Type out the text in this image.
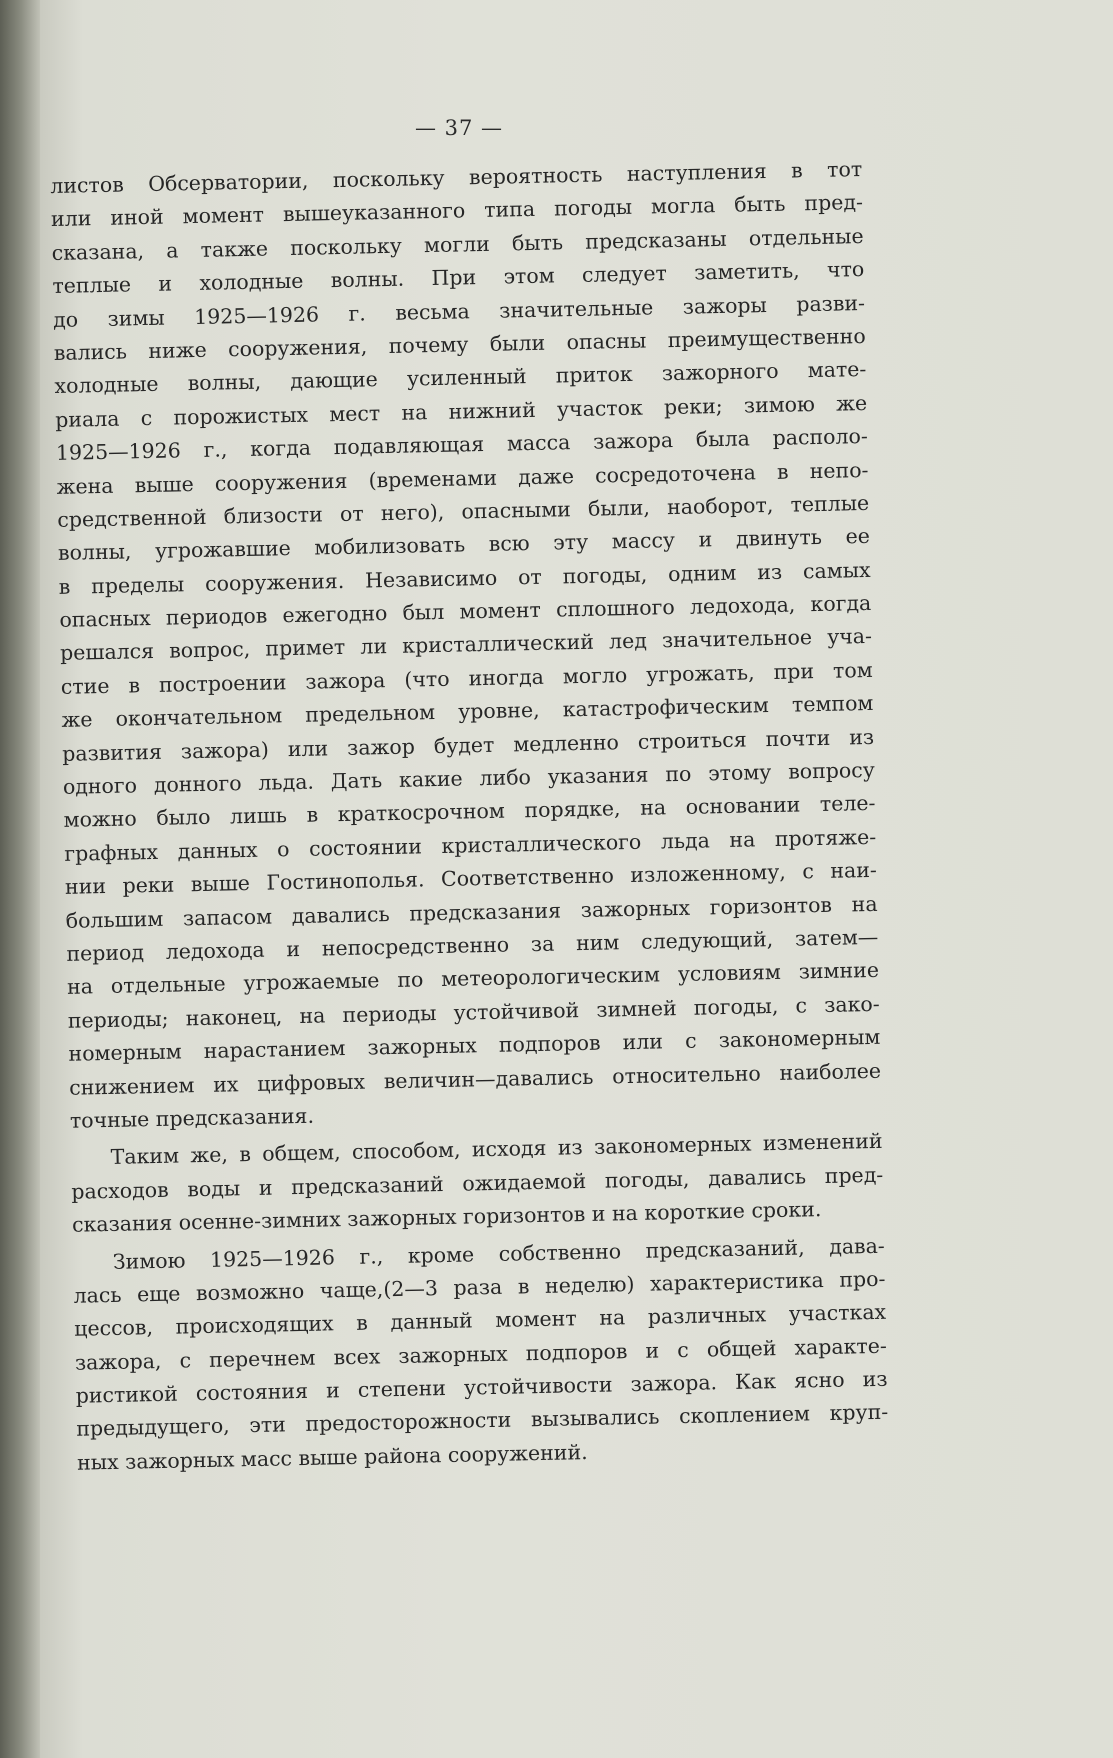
— 37 —
листов Обсерватории, поскольку вероятность наступления в тот
или иной момент вышеуказанного типа погоды могла быть пред-
сказана, а также поскольку могли быть предсказаны отдельные
теплые и холодные волны. При этом следует заметить, что
до зимы 1925—1926 г. весьма значительные зажоры разви-
вались ниже сооружения, почему были опасны преимущественно
холодные волны, дающие усиленный приток зажорного мате-
риала с порожистых мест на нижний участок реки; зимою же
1925—1926 г., когда подавляющая масса зажора была располо-
жена выше сооружения (временами даже сосредоточена в непо-
средственной близости от него), опасными были, наоборот, теплые
волны, угрожавшие мобилизовать всю эту массу и двинуть ее
в пределы сооружения. Независимо от погоды, одним из самых
опасных периодов ежегодно был момент сплошного ледохода, когда
решался вопрос, примет ли кристаллический лед значительное уча-
стие в построении зажора (что иногда могло угрожать, при том
же окончательном предельном уровне, катастрофическим темпом
развития зажора) или зажор будет медленно строиться почти из
одного донного льда. Дать какие либо указания по этому вопросу
можно было лишь в краткосрочном порядке, на основании теле-
графных данных о состоянии кристаллического льда на протяже-
нии реки выше Гостинополья. Соответственно изложенному, с наи-
большим запасом давались предсказания зажорных горизонтов на
период ледохода и непосредственно за ним следующий, затем—
на отдельные угрожаемые по метеорологическим условиям зимние
периоды; наконец, на периоды устойчивой зимней погоды, с зако-
номерным нарастанием зажорных подпоров или с закономерным
снижением их цифровых величин—давались относительно наиболее
точные предсказания.
Таким же, в общем, способом, исходя из закономерных изменений
расходов воды и предсказаний ожидаемой погоды, давались пред-
сказания осенне-зимних зажорных горизонтов и на короткие сроки.
Зимою 1925—1926 г., кроме собственно предсказаний, дава-
лась еще возможно чаще,(2—3 раза в неделю) характеристика про-
цессов, происходящих в данный момент на различных участках
зажора, с перечнем всех зажорных подпоров и с общей характе-
ристикой состояния и степени устойчивости зажора. Как ясно из
предыдущего, эти предосторожности вызывались скоплением круп-
ных зажорных масс выше района сооружений.
